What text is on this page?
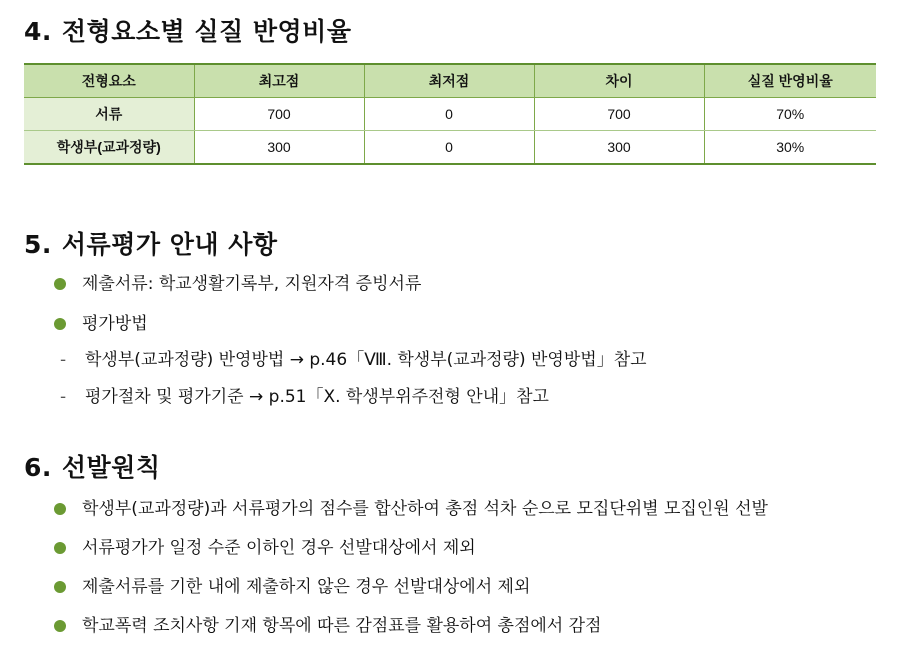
4. 전형요소별 실질 반영비율
전형요소	최고점	최저점	차이	실질 반영비율
서류	700	0	700	70%
학생부(교과정량)	300	0	300	30%
5. 서류평가 안내 사항
제출서류: 학교생활기록부, 지원자격 증빙서류
평가방법
- 학생부(교과정량) 반영방법 → p.46「Ⅷ. 학생부(교과정량) 반영방법」참고
- 평가절차 및 평가기준 → p.51「Ⅹ. 학생부위주전형 안내」참고
6. 선발원칙
학생부(교과정량)과 서류평가의 점수를 합산하여 총점 석차 순으로 모집단위별 모집인원 선발
서류평가가 일정 수준 이하인 경우 선발대상에서 제외
제출서류를 기한 내에 제출하지 않은 경우 선발대상에서 제외
학교폭력 조치사항 기재 항목에 따른 감점표를 활용하여 총점에서 감점
